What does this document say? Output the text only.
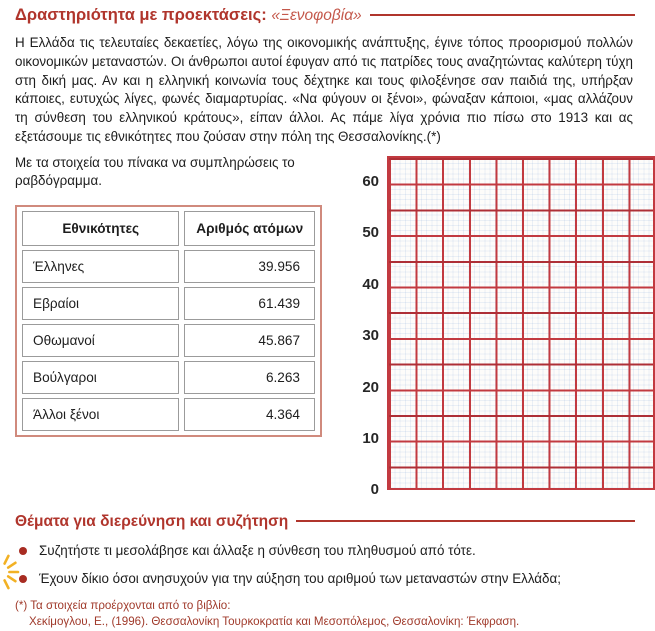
Δραστηριότητα με προεκτάσεις: «Ξενοφοβία»

Η Ελλάδα τις τελευταίες δεκαετίες, λόγω της οικονομικής ανάπτυξης, έγινε τόπος προορισμού πολλών οικονομικών μεταναστών. Οι άνθρωποι αυτοί έφυγαν από τις πατρίδες τους αναζητώντας καλύτερη τύχη στη δική μας. Αν και η ελληνική κοινωνία τους δέχτηκε και τους φιλοξένησε σαν παιδιά της, υπήρξαν κάποιες, ευτυχώς λίγες, φωνές διαμαρτυρίας. «Να φύγουν οι ξένοι», φώναξαν κάποιοι, «μας αλλάζουν τη σύνθεση του ελληνικού κράτους», είπαν άλλοι. Ας πάμε λίγα χρόνια πιο πίσω στο 1913 και ας εξετάσουμε τις εθνικότητες που ζούσαν στην πόλη της Θεσσαλονίκης.(*)

Με τα στοιχεία του πίνακα να συμπληρώσεις το ραβδόγραμμα.

Εθνικότητες	Αριθμός ατόμων
Έλληνες	39.956
Εβραίοι	61.439
Οθωμανοί	45.867
Βούλγαροι	6.263
Άλλοι ξένοι	4.364
60
50
40
30
20
10
0
Θέματα για διερεύνηση και συζήτηση
Συζητήστε τι μεσολάβησε και άλλαξε η σύνθεση του πληθυσμού από τότε.
Έχουν δίκιο όσοι ανησυχούν για την αύξηση του αριθμού των μεταναστών στην Ελλάδα;
(*) Τα στοιχεία προέρχονται από το βιβλίο:
Χεκίμογλου, Ε., (1996). Θεσσαλονίκη Τουρκοκρατία και Μεσοπόλεμος, Θεσσαλονίκη: Έκφραση.
